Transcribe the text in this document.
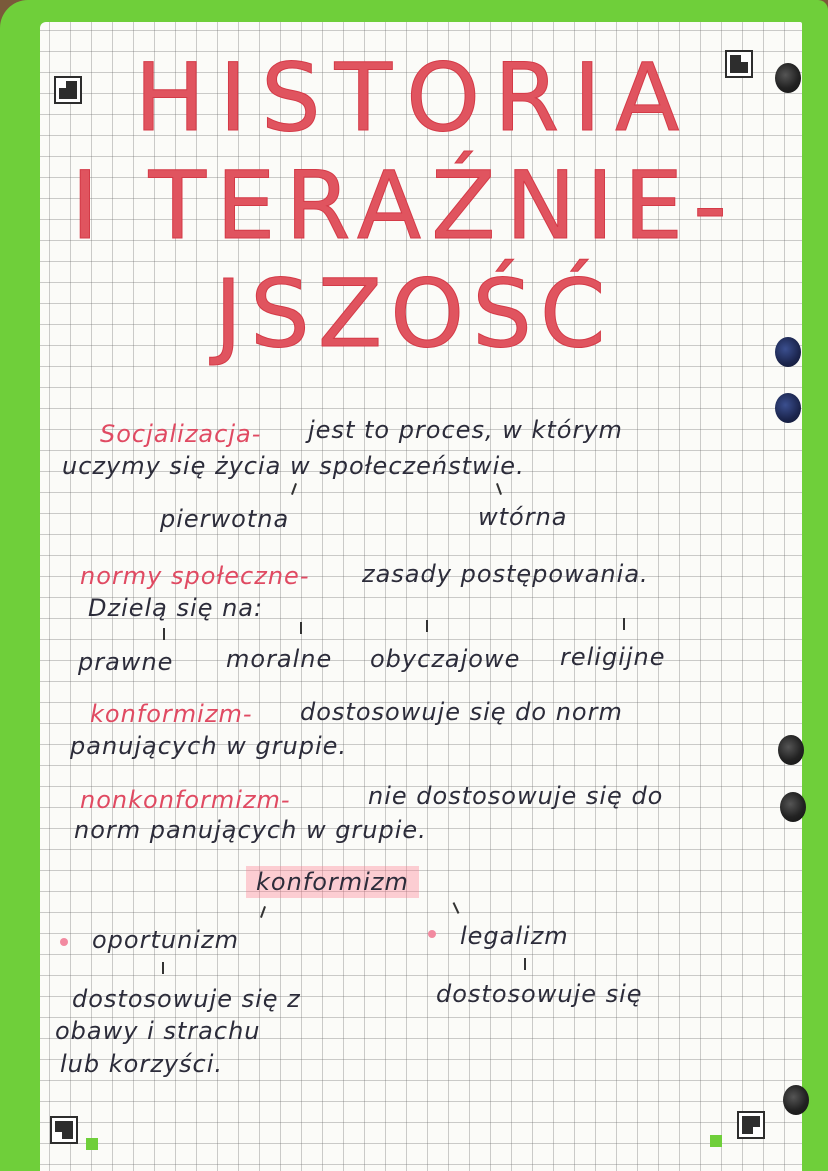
HISTORIA
I TERAŹNIE-
JSZOŚĆ
Socjalizacja- jest to proces, w którym
uczymy się życia w społeczeństwie.
pierwotna	wtórna
normy społeczne- zasady postępowania.
Dzielą się na:
prawne moralne obyczajowe religijne
konformizm- dostosowuje się do norm
panujących w grupie.
nonkonformizm-	nie dostosowuje się do
norm panujących w grupie.
konformizm
oportunizm
dostosowuje się z
obawy i strachu
lub korzyści.
legalizm
dostosowuje się
